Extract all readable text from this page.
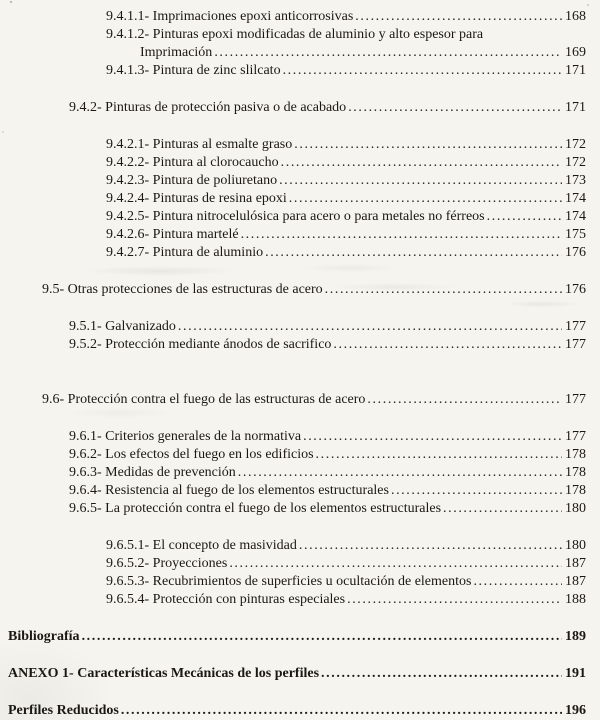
9.4.1.1- Imprimaciones epoxi anticorrosivas .....	168
9.4.1.2- Pinturas epoxi modificadas de aluminio y alto espesor para
Imprimación .....	169
9.4.1.3- Pintura de zinc slilcato .....	171
9.4.2- Pinturas de protección pasiva o de acabado .....	171
9.4.2.1- Pinturas al esmalte graso .....	172
9.4.2.2- Pintura al clorocaucho .....	172
9.4.2.3- Pintura de poliuretano .....	173
9.4.2.4- Pinturas de resina epoxi .....	174
9.4.2.5- Pintura nitrocelulósica para acero o para metales no férreos .....	174
9.4.2.6- Pintura martelé .....	175
9.4.2.7- Pintura de aluminio .....	176
9.5- Otras protecciones de las estructuras de acero .....	176
9.5.1- Galvanizado .....	177
9.5.2- Protección mediante ánodos de sacrifico .....	177
9.6- Protección contra el fuego de las estructuras de acero .....	177
9.6.1- Criterios generales de la normativa .....	177
9.6.2- Los efectos del fuego en los edificios .....	178
9.6.3- Medidas de prevención .....	178
9.6.4- Resistencia al fuego de los elementos estructurales .....	178
9.6.5- La protección contra el fuego de los elementos estructurales .....	180
9.6.5.1- El concepto de masividad .....	180
9.6.5.2- Proyecciones .....	187
9.6.5.3- Recubrimientos de superficies u ocultación de elementos .....	187
9.6.5.4- Protección con pinturas especiales .....	188
Bibliografía .....	189
ANEXO 1- Características Mecánicas de los perfiles .....	191
Perfiles Reducidos .....	196
